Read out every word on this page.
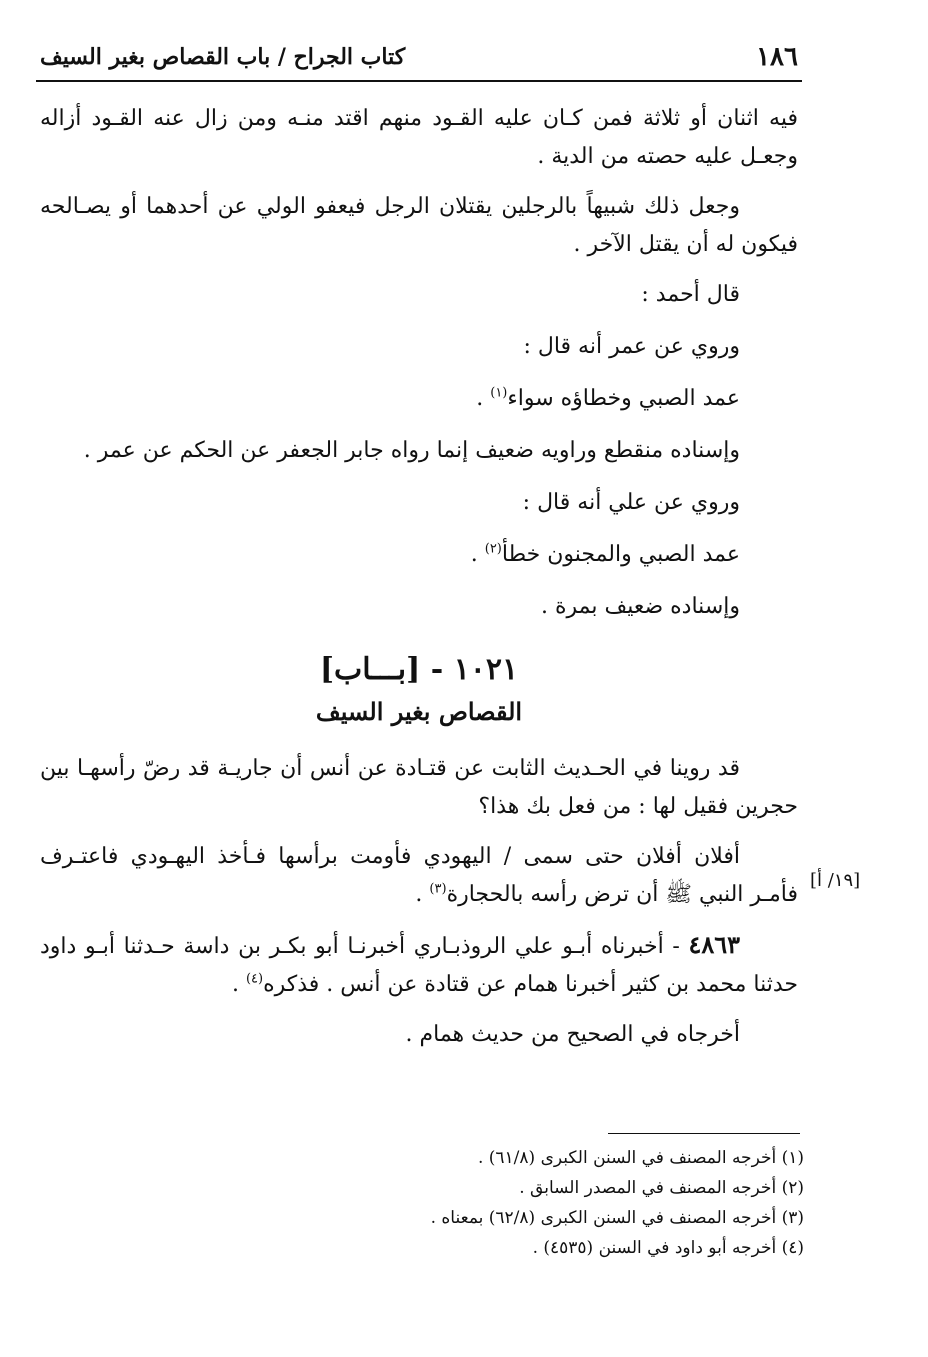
١٨٦
كتاب الجراح / باب القصاص بغير السيف
[١٩/ أ]

فيه اثنان أو ثلاثة فمن كـان عليه القـود منهم اقتد منـه ومن زال عنه القـود أزاله وجعـل عليه حصته من الدية .

وجعل ذلك شبيهاً بالرجلين يقتلان الرجل فيعفو الولي عن أحدهما أو يصـالحه فيكون له أن يقتل الآخر .

قال أحمد :

وروي عن عمر أنه قال :

عمد الصبي وخطاؤه سواء$^{(١)}$ .

وإسناده منقطع وراويه ضعيف إنما رواه جابر الجعفر عن الحكم عن عمر .

وروي عن علي أنه قال :

عمد الصبي والمجنون خطأ$^{(٢)}$ .

وإسناده ضعيف بمرة .

١٠٢١ - [بـــاب]
القصاص بغير السيف

قد روينا في الحـديث الثابت عن قتـادة عن أنس أن جاريـة قد رضّ رأسهـا بين حجرين فقيل لها : من فعل بك هذا؟

أفلان أفلان حتى سمى / اليهودي فأومت برأسها فـأخذ اليهـودي فاعتـرف فأمـر النبي ﷺ أن ترض رأسه بالحجارة$^{(٣)}$ .

٤٨٦٣ - أخبرناه أبـو علي الروذبـاري أخبرنـا أبو بكـر بن داسة حـدثنا أبـو داود حدثنا محمد بن كثير أخبرنا همام عن قتادة عن أنس . فذكره$^{(٤)}$ .

أخرجاه في الصحيح من حديث همام .

(١) أخرجه المصنف في السنن الكبرى (٦١/٨) .

(٢) أخرجه المصنف في المصدر السابق .

(٣) أخرجه المصنف في السنن الكبرى (٦٢/٨) بمعناه .

(٤) أخرجه أبو داود في السنن (٤٥٣٥) .
